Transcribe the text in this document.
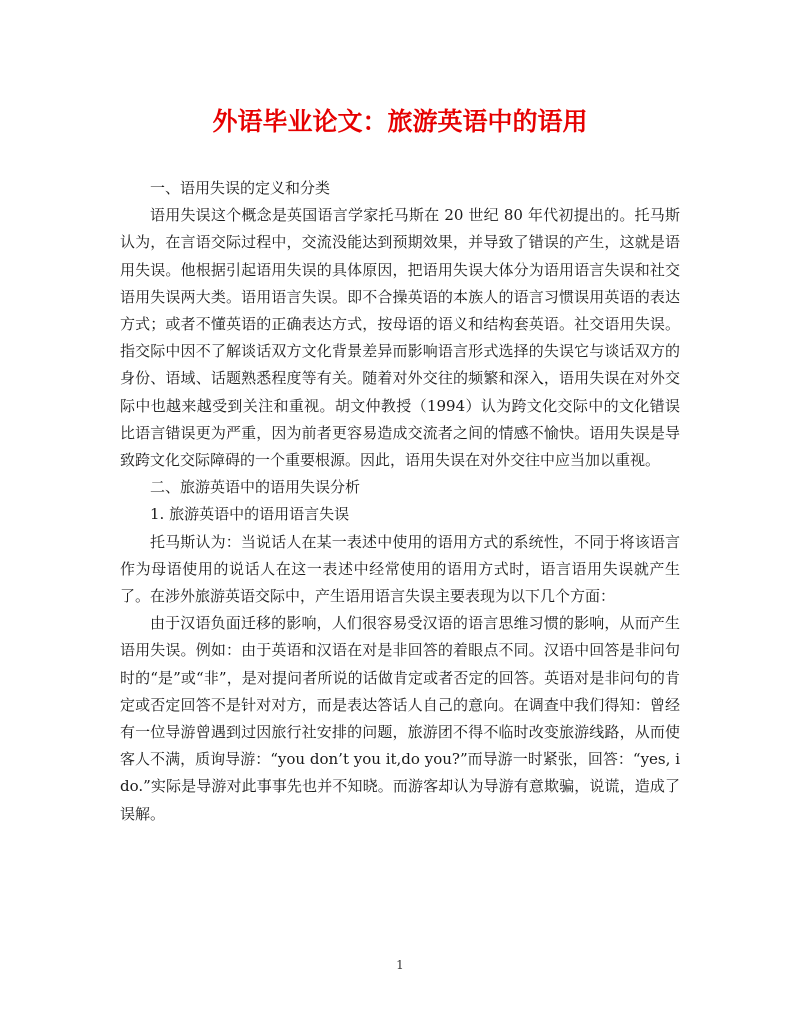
外语毕业论文：旅游英语中的语用

一、语用失误的定义和分类

语用失误这个概念是英国语言学家托马斯在 20 世纪 80 年代初提出的。托马斯认为，在言语交际过程中，交流没能达到预期效果，并导致了错误的产生，这就是语用失误。他根据引起语用失误的具体原因，把语用失误大体分为语用语言失误和社交语用失误两大类。语用语言失误。即不合操英语的本族人的语言习惯误用英语的表达方式；或者不懂英语的正确表达方式，按母语的语义和结构套英语。社交语用失误。指交际中因不了解谈话双方文化背景差异而影响语言形式选择的失误它与谈话双方的身份、语域、话题熟悉程度等有关。随着对外交往的频繁和深入，语用失误在对外交际中也越来越受到关注和重视。胡文仲教授（1994）认为跨文化交际中的文化错误比语言错误更为严重，因为前者更容易造成交流者之间的情感不愉快。语用失误是导致跨文化交际障碍的一个重要根源。因此，语用失误在对外交往中应当加以重视。

二、旅游英语中的语用失误分析

1. 旅游英语中的语用语言失误

托马斯认为：当说话人在某一表述中使用的语用方式的系统性，不同于将该语言作为母语使用的说话人在这一表述中经常使用的语用方式时，语言语用失误就产生了。在涉外旅游英语交际中，产生语用语言失误主要表现为以下几个方面：

由于汉语负面迁移的影响，人们很容易受汉语的语言思维习惯的影响，从而产生语用失误。例如：由于英语和汉语在对是非回答的着眼点不同。汉语中回答是非问句时的“是”或“非”，是对提问者所说的话做肯定或者否定的回答。英语对是非问句的肯定或否定回答不是针对对方，而是表达答话人自己的意向。在调查中我们得知：曾经有一位导游曾遇到过因旅行社安排的问题，旅游团不得不临时改变旅游线路，从而使客人不满，质询导游：“you don’t you it,do you?”而导游一时紧张，回答：“yes, i do.”实际是导游对此事事先也并不知晓。而游客却认为导游有意欺骗，说谎，造成了误解。

1
